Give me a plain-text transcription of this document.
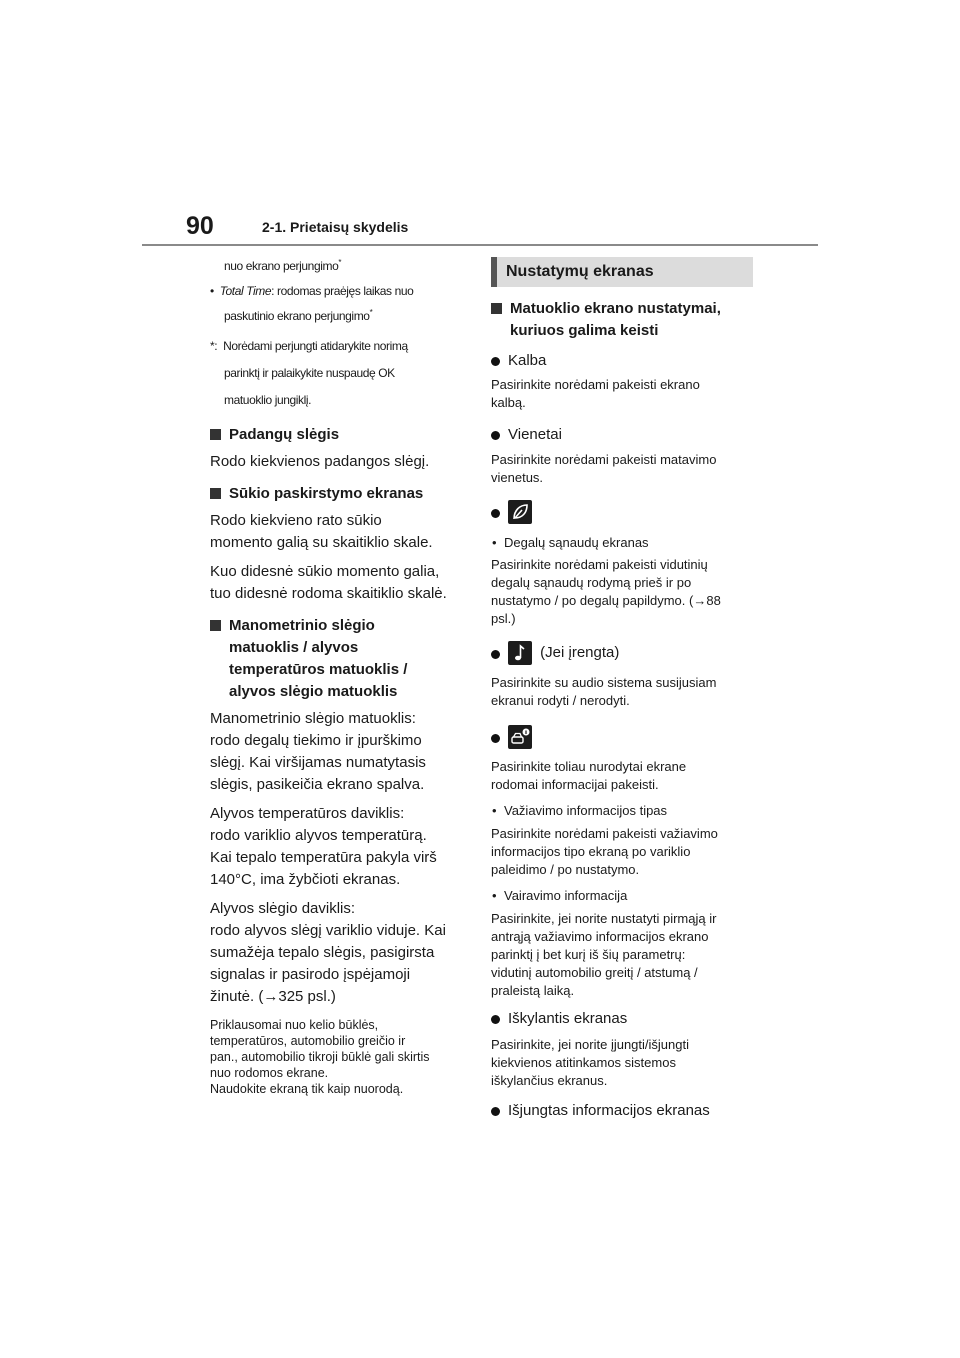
90	2-1. Prietaisų skydelis
nuo ekrano perjungimo*
• Total Time: rodomas praėjęs laikas nuo
paskutinio ekrano perjungimo*
*: Norėdami perjungti atidarykite norimą
parinktį ir palaikykite nuspaudę OK
matuoklio jungiklį.
Padangų slėgis
Rodo kiekvienos padangos slėgį.
Sūkio paskirstymo ekranas
Rodo kiekvieno rato sūkio
momento galią su skaitiklio skale.
Kuo didesnė sūkio momento galia,
tuo didesnė rodoma skaitiklio skalė.
Manometrinio slėgio
matuoklis / alyvos
temperatūros matuoklis /
alyvos slėgio matuoklis
Manometrinio slėgio matuoklis:
rodo degalų tiekimo ir įpurškimo
slėgį. Kai viršijamas numatytasis
slėgis, pasikeičia ekrano spalva.
Alyvos temperatūros daviklis:
rodo variklio alyvos temperatūrą.
Kai tepalo temperatūra pakyla virš
140°C, ima žybčioti ekranas.
Alyvos slėgio daviklis:
rodo alyvos slėgį variklio viduje. Kai
sumažėja tepalo slėgis, pasigirsta
signalas ir pasirodo įspėjamoji
žinutė. (→325 psl.)
Priklausomai nuo kelio būklės,
temperatūros, automobilio greičio ir
pan., automobilio tikroji būklė gali skirtis
nuo rodomos ekrane.
Naudokite ekraną tik kaip nuorodą.
Nustatymų ekranas
Matuoklio ekrano nustatymai,
kuriuos galima keisti
Kalba
Pasirinkite norėdami pakeisti ekrano
kalbą.
Vienetai
Pasirinkite norėdami pakeisti matavimo
vienetus.
• Degalų sąnaudų ekranas
Pasirinkite norėdami pakeisti vidutinių
degalų sąnaudų rodymą prieš ir po
nustatymo / po degalų papildymo. (→88
psl.)
(Jei įrengta)
Pasirinkite su audio sistema susijusiam
ekranui rodyti / nerodyti.
Pasirinkite toliau nurodytai ekrane
rodomai informacijai pakeisti.
• Važiavimo informacijos tipas
Pasirinkite norėdami pakeisti važiavimo
informacijos tipo ekraną po variklio
paleidimo / po nustatymo.
• Vairavimo informacija
Pasirinkite, jei norite nustatyti pirmąją ir
antrąją važiavimo informacijos ekrano
parinktį į bet kurį iš šių parametrų:
vidutinį automobilio greitį / atstumą /
praleistą laiką.
Iškylantis ekranas
Pasirinkite, jei norite įjungti/išjungti
kiekvienos atitinkamos sistemos
iškylančius ekranus.
Išjungtas informacijos ekranas
